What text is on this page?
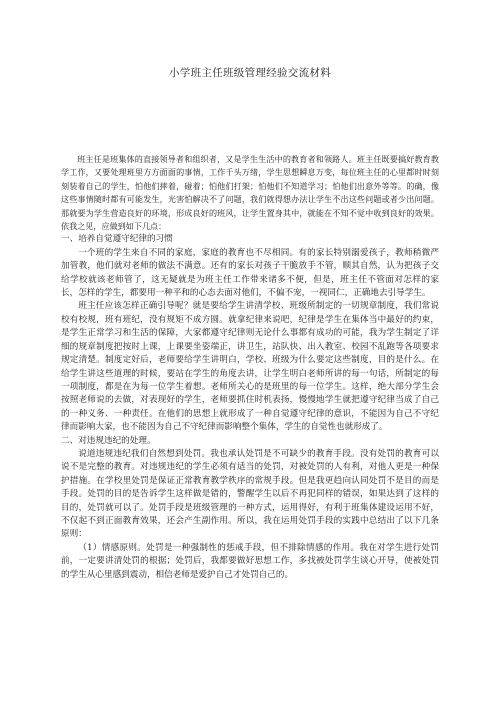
小学班主任班级管理经验交流材料

班主任是班集体的直接领导者和组织者，又是学生生活中的教育者和领路人。班主任既要搞好教育教学工作，又要处理班里方方面面的事情，工作千头万绪，学生思想瞬息万变，每位班主任的心里都时时刻刻装着自己的学生，怕他们摔着，碰着；怕他们打架；怕他们不知道学习；怕他们出意外等等。的确，像这些事情随时都有可能发生，光害怕解决不了问题，我们就得想办法让学生不出这些问题或者少出问题。那就要为学生营造良好的环境，形成良好的班风，让学生置身其中，就能在不知不觉中收到良好的效果。依我之见，应做到如下几点：

一、培养自觉遵守纪律的习惯

一个班的学生来自不同的家庭，家庭的教育也不尽相同。有的家长特别溺爱孩子，教师稍微严加管教，他们就对老师的做法不满意。还有的家长对孩子干脆放手不管，顺其自然，认为把孩子交给学校就该老师管了，这无疑就是为班主任工作带来诸多不便，但是，班主任不管面对怎样的家长，怎样的学生，都要用一种平和的心态去面对他们，不偏不宠，一视同仁，正确地去引导学生。

班主任应该怎样正确引导呢？就是要给学生讲清学校、班级所制定的一切规章制度，我们常说校有校规，班有班纪，没有规矩不成方圆。就拿纪律来说吧，纪律是学生在集体当中最好的约束，是学生正常学习和生活的保障，大家都遵守纪律则无论什么事都有成功的可能，我为学生制定了详细的规章制度把按时上课，上课要坐姿端正，讲卫生，站队快、出入教室、校园不乱跑等各项要求规定清楚。制度定好后，老师要给学生讲明白，学校、班级为什么要定这些制度，目的是什么。在给学生讲这些道理的时候，要站在学生的角度去讲，让学生明白老师所讲的每一句话，所制定的每一项制度，都是在为每一位学生着想。老师所关心的是班里的每一位学生。这样，绝大部分学生会按照老师说的去做，对表现好的学生，老师要抓住时机表扬，慢慢地学生就把遵守纪律当成了自己的一种义务、一种责任。在他们的思想上就形成了一种自觉遵守纪律的意识，不能因为自己不守纪律而影响大家，也不能因为自己不守纪律而影响整个集体，学生的自觉性也就形成了。

二、对违规违纪的处理。

说道违规违纪我们自然想到处罚。我也承认处罚是不可缺少的教育手段。没有处罚的教育可以说不是完整的教育。对违规违纪的学生必须有适当的处罚，对被处罚的人有利，对他人更是一种保护措施。在学校里处罚是保证正常教育教学秩序的常规手段。但是我更趋向认同处罚不是目的而是手段。处罚的目的是告诉学生这样做是错的，警醒学生以后不再犯同样的错误，如果达到了这样的目的，处罚就可以了。处罚手段是班级管理的一种方式，运用得好，有利于班集体建设运用不好，不仅起不到正面教育效果，还会产生副作用。所以，我在运用处罚手段的实践中总结出了以下几条原则：

（1）情感原则。处罚是一种强制性的惩戒手段，但不排除情感的作用。我在对学生进行处罚前，一定要讲清处罚的根据；处罚后，我都要做好思想工作，多找被处罚学生谈心开导，使被处罚的学生从心里感到震动，相信老师是爱护自己才处罚自己的。
